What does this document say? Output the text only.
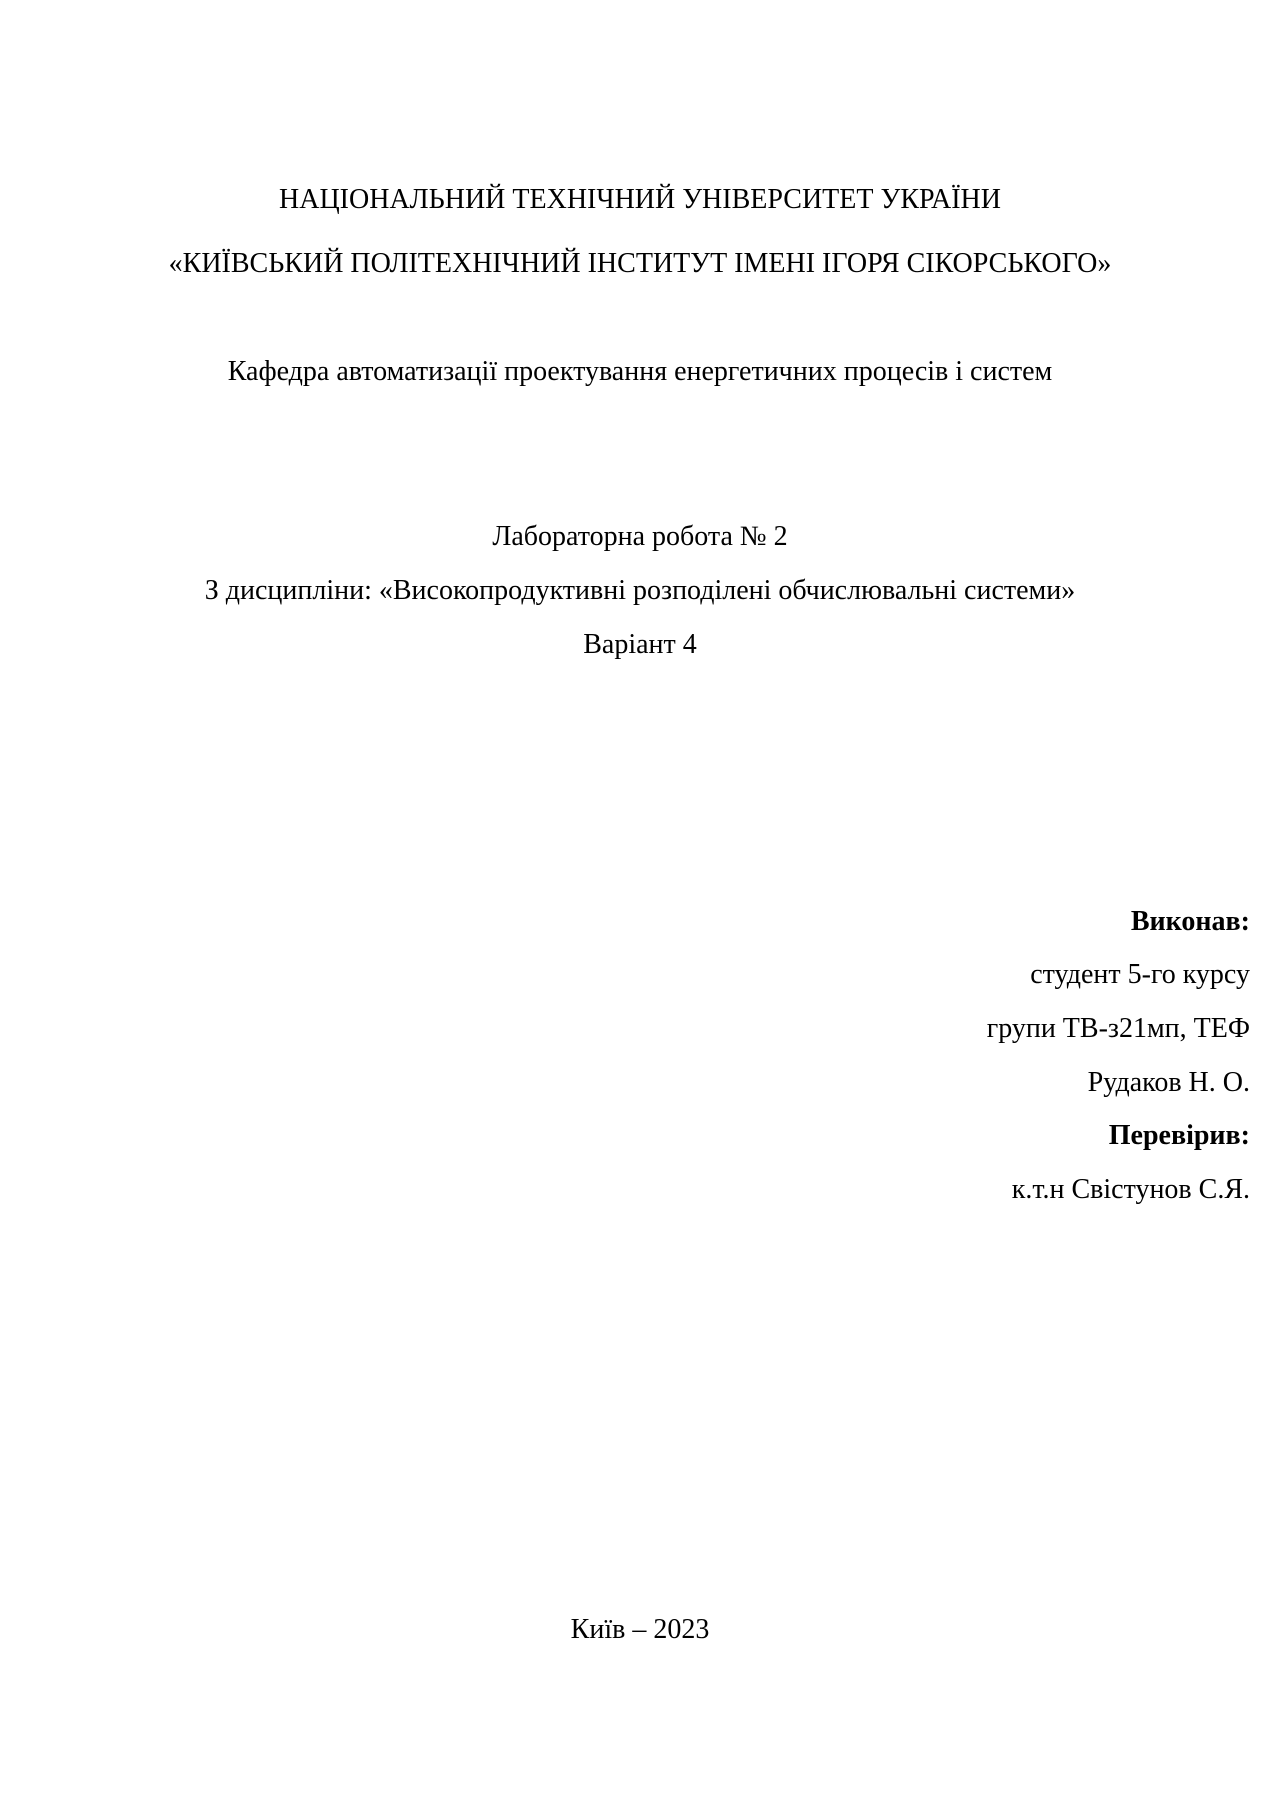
НАЦІОНАЛЬНИЙ ТЕХНІЧНИЙ УНІВЕРСИТЕТ УКРАЇНИ
«КИЇВСЬКИЙ ПОЛІТЕХНІЧНИЙ ІНСТИТУТ ІМЕНІ ІГОРЯ СІКОРСЬКОГО»
Кафедра автоматизації проектування енергетичних процесів і систем
Лабораторна робота № 2
З дисципліни: «Високопродуктивні розподілені обчислювальні системи»
Варіант 4
Виконав:
студент 5-го курсу
групи ТВ-з21мп, ТЕФ
Рудаков Н. О.
Перевірив:
к.т.н Свістунов С.Я.
Київ – 2023
